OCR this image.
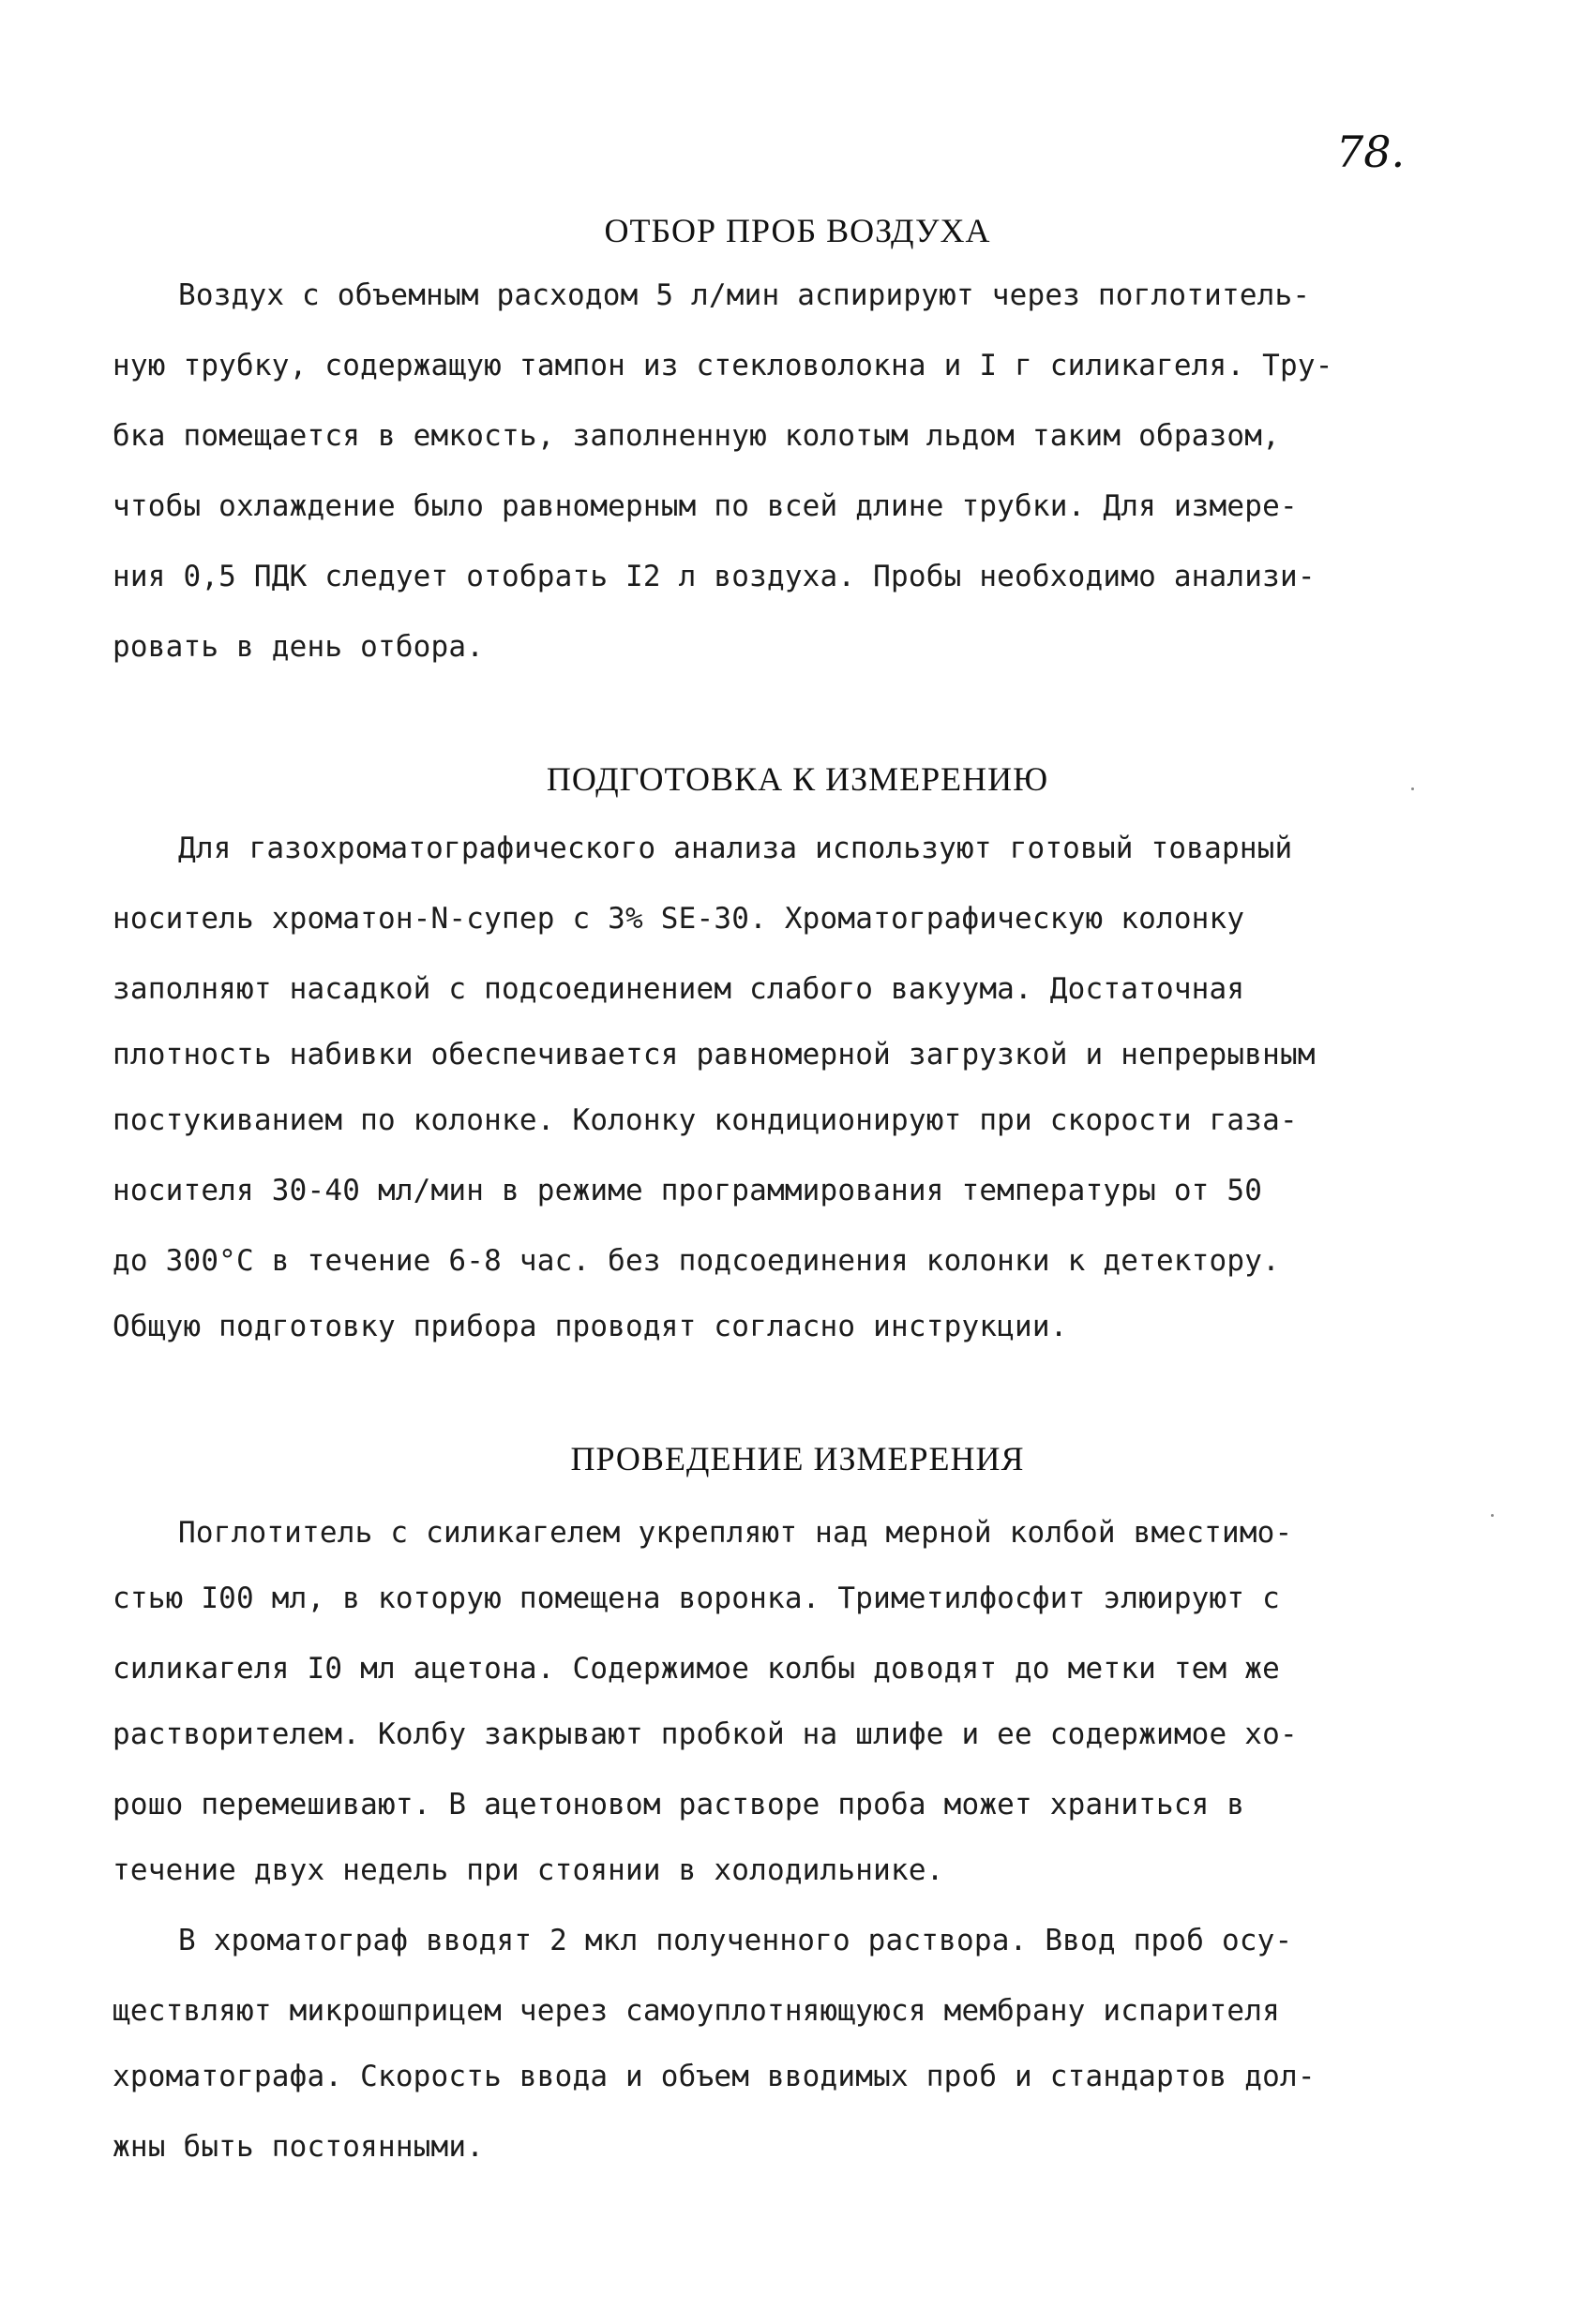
78.
ОТБОР ПРОБ ВОЗДУХА
Воздух с объемным расходом 5 л/мин аспирируют через поглотитель-
ную трубку, содержащую тампон из стекловолокна и I г силикагеля. Тру-
бка помещается в емкость, заполненную колотым льдом таким образом,
чтобы охлаждение было равномерным по всей длине трубки. Для измере-
ния 0,5 ПДК следует отобрать I2 л воздуха. Пробы необходимо анализи-
ровать в день отбора.
ПОДГОТОВКА К ИЗМЕРЕНИЮ
Для газохроматографического анализа используют готовый товарный
носитель хроматон-N-супер с 3% SE-30. Хроматографическую колонку
заполняют насадкой с подсоединением слабого вакуума. Достаточная
плотность набивки обеспечивается равномерной загрузкой и непрерывным
постукиванием по колонке. Колонку кондиционируют при скорости газа-
носителя 30-40 мл/мин в режиме программирования температуры от 50
до 300°С в течение 6-8 час. без подсоединения колонки к детектору.
Общую подготовку прибора проводят согласно инструкции.
ПРОВЕДЕНИЕ ИЗМЕРЕНИЯ
Поглотитель с силикагелем укрепляют над мерной колбой вместимо-
стью I00 мл, в которую помещена воронка. Триметилфосфит элюируют с
силикагеля I0 мл ацетона. Содержимое колбы доводят до метки тем же
растворителем. Колбу закрывают пробкой на шлифе и ее содержимое хо-
рошо перемешивают. В ацетоновом растворе проба может храниться в
течение двух недель при стоянии в холодильнике.
В хроматограф вводят 2 мкл полученного раствора. Ввод проб осу-
ществляют микрошприцем через самоуплотняющуюся мембрану испарителя
хроматографа. Скорость ввода и объем вводимых проб и стандартов дол-
жны быть постоянными.
